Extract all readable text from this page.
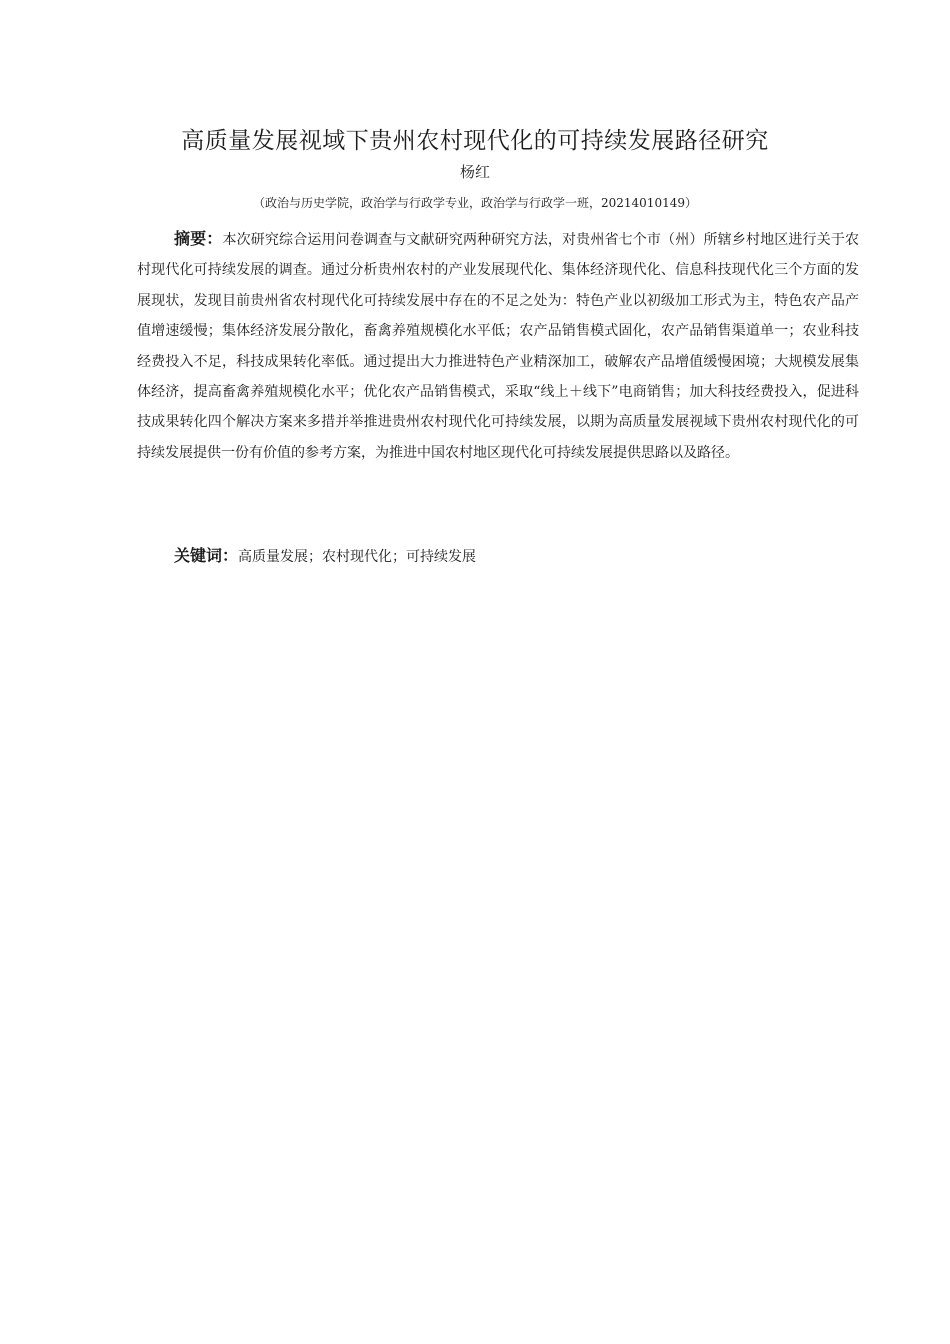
高质量发展视域下贵州农村现代化的可持续发展路径研究
杨红
（政治与历史学院，政治学与行政学专业，政治学与行政学一班，20214010149）

摘要：本次研究综合运用问卷调查与文献研究两种研究方法，对贵州省七个市（州）所辖乡村地区进行关于农村现代化可持续发展的调查。通过分析贵州农村的产业发展现代化、集体经济现代化、信息科技现代化三个方面的发展现状，发现目前贵州省农村现代化可持续发展中存在的不足之处为：特色产业以初级加工形式为主，特色农产品产值增速缓慢；集体经济发展分散化，畜禽养殖规模化水平低；农产品销售模式固化，农产品销售渠道单一；农业科技经费投入不足，科技成果转化率低。通过提出大力推进特色产业精深加工，破解农产品增值缓慢困境；大规模发展集体经济，提高畜禽养殖规模化水平；优化农产品销售模式，采取“线上＋线下”电商销售；加大科技经费投入，促进科技成果转化四个解决方案来多措并举推进贵州农村现代化可持续发展，以期为高质量发展视域下贵州农村现代化的可持续发展提供一份有价值的参考方案，为推进中国农村地区现代化可持续发展提供思路以及路径。

关键词：高质量发展；农村现代化；可持续发展
